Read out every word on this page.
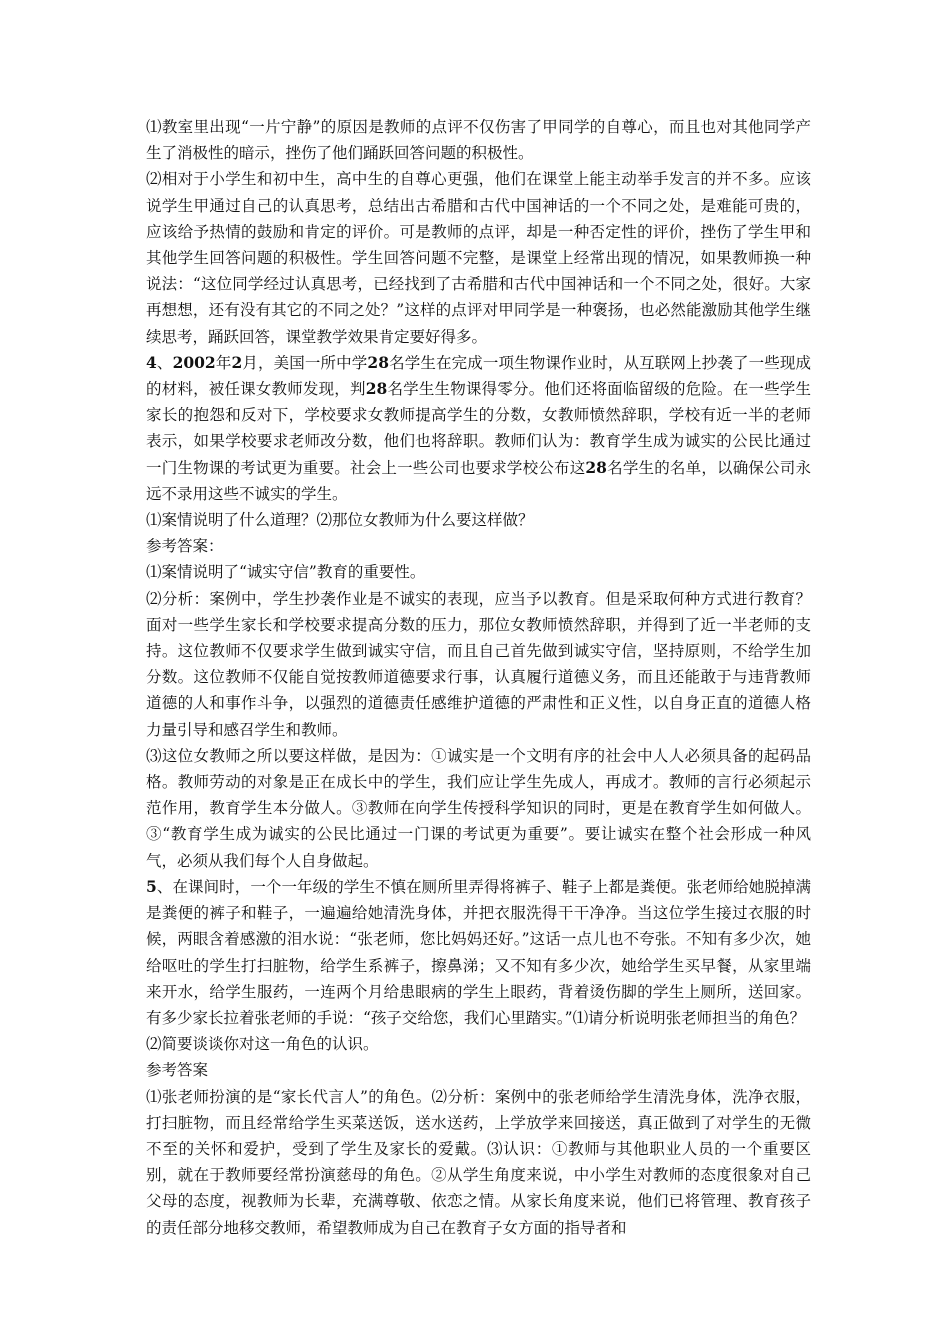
⑴教室里出现“一片宁静”的原因是教师的点评不仅伤害了甲同学的自尊心，而且也对其他同学产生了消极性的暗示，挫伤了他们踊跃回答问题的积极性。

⑵相对于小学生和初中生，高中生的自尊心更强，他们在课堂上能主动举手发言的并不多。应该说学生甲通过自己的认真思考，总结出古希腊和古代中国神话的一个不同之处，是难能可贵的，应该给予热情的鼓励和肯定的评价。可是教师的点评，却是一种否定性的评价，挫伤了学生甲和其他学生回答问题的积极性。学生回答问题不完整，是课堂上经常出现的情况，如果教师换一种说法：“这位同学经过认真思考，已经找到了古希腊和古代中国神话和一个不同之处，很好。大家再想想，还有没有其它的不同之处？”这样的点评对甲同学是一种褒扬，也必然能激励其他学生继续思考，踊跃回答，课堂教学效果肯定要好得多。

4、2002年2月，美国一所中学28名学生在完成一项生物课作业时，从互联网上抄袭了一些现成的材料，被任课女教师发现，判28名学生生物课得零分。他们还将面临留级的危险。在一些学生家长的抱怨和反对下，学校要求女教师提高学生的分数，女教师愤然辞职，学校有近一半的老师表示，如果学校要求老师改分数，他们也将辞职。教师们认为：教育学生成为诚实的公民比通过一门生物课的考试更为重要。社会上一些公司也要求学校公布这28名学生的名单，以确保公司永远不录用这些不诚实的学生。

⑴案情说明了什么道理？⑵那位女教师为什么要这样做？

参考答案：

⑴案情说明了“诚实守信”教育的重要性。

⑵分析：案例中，学生抄袭作业是不诚实的表现，应当予以教育。但是采取何种方式进行教育？面对一些学生家长和学校要求提高分数的压力，那位女教师愤然辞职，并得到了近一半老师的支持。这位教师不仅要求学生做到诚实守信，而且自己首先做到诚实守信，坚持原则，不给学生加分数。这位教师不仅能自觉按教师道德要求行事，认真履行道德义务，而且还能敢于与违背教师道德的人和事作斗争，以强烈的道德责任感维护道德的严肃性和正义性，以自身正直的道德人格力量引导和感召学生和教师。

⑶这位女教师之所以要这样做，是因为：①诚实是一个文明有序的社会中人人必须具备的起码品格。教师劳动的对象是正在成长中的学生，我们应让学生先成人，再成才。教师的言行必须起示范作用，教育学生本分做人。③教师在向学生传授科学知识的同时，更是在教育学生如何做人。③“教育学生成为诚实的公民比通过一门课的考试更为重要”。要让诚实在整个社会形成一种风气，必须从我们每个人自身做起。

5、在课间时，一个一年级的学生不慎在厕所里弄得将裤子、鞋子上都是粪便。张老师给她脱掉满是粪便的裤子和鞋子，一遍遍给她清洗身体，并把衣服洗得干干净净。当这位学生接过衣服的时候，两眼含着感激的泪水说：“张老师，您比妈妈还好。”这话一点儿也不夸张。不知有多少次，她给呕吐的学生打扫脏物，给学生系裤子，擦鼻涕；又不知有多少次，她给学生买早餐，从家里端来开水，给学生服药，一连两个月给患眼病的学生上眼药，背着烫伤脚的学生上厕所，送回家。有多少家长拉着张老师的手说：“孩子交给您，我们心里踏实。”⑴请分析说明张老师担当的角色？

⑵简要谈谈你对这一角色的认识。

参考答案

⑴张老师扮演的是“家长代言人”的角色。⑵分析：案例中的张老师给学生清洗身体，洗净衣服，打扫脏物，而且经常给学生买菜送饭，送水送药，上学放学来回接送，真正做到了对学生的无微不至的关怀和爱护，受到了学生及家长的爱戴。⑶认识：①教师与其他职业人员的一个重要区别，就在于教师要经常扮演慈母的角色。②从学生角度来说，中小学生对教师的态度很象对自己父母的态度，视教师为长辈，充满尊敬、依恋之情。从家长角度来说，他们已将管理、教育孩子的责任部分地移交教师，希望教师成为自己在教育子女方面的指导者和
